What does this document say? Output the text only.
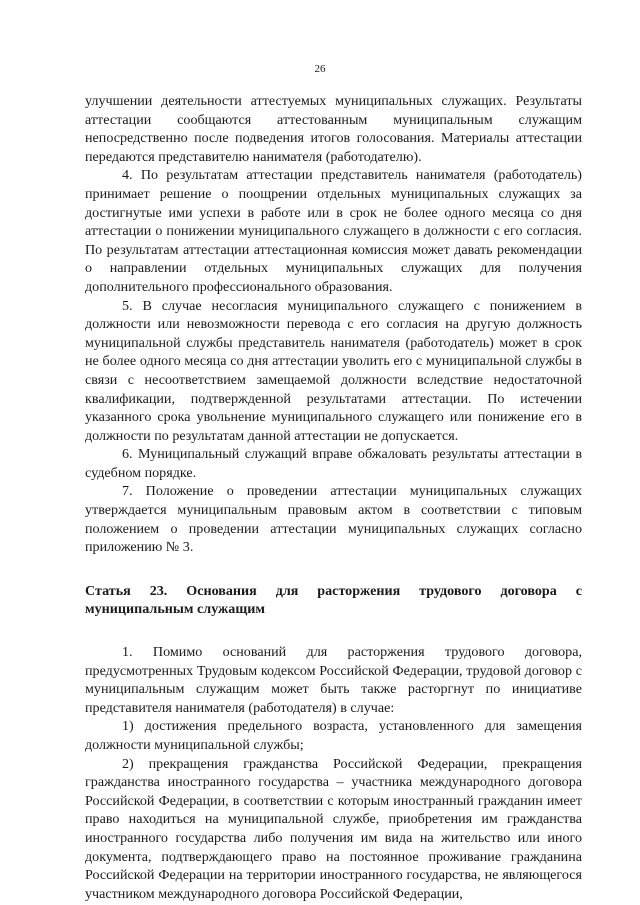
26

улучшении деятельности аттестуемых муниципальных служащих. Результаты аттестации сообщаются аттестованным муниципальным служащим непосредственно после подведения итогов голосования. Материалы аттестации передаются представителю нанимателя (работодателю).

4. По результатам аттестации представитель нанимателя (работодатель) принимает решение о поощрении отдельных муниципальных служащих за достигнутые ими успехи в работе или в срок не более одного месяца со дня аттестации о понижении муниципального служащего в должности с его согласия. По результатам аттестации аттестационная комиссия может давать рекомендации о направлении отдельных муниципальных служащих для получения дополнительного профессионального образования.

5. В случае несогласия муниципального служащего с понижением в должности или невозможности перевода с его согласия на другую должность муниципальной службы представитель нанимателя (работодатель) может в срок не более одного месяца со дня аттестации уволить его с муниципальной службы в связи с несоответствием замещаемой должности вследствие недостаточной квалификации, подтвержденной результатами аттестации. По истечении указанного срока увольнение муниципального служащего или понижение его в должности по результатам данной аттестации не допускается.

6. Муниципальный служащий вправе обжаловать результаты аттестации в судебном порядке.

7. Положение о проведении аттестации муниципальных служащих утверждается муниципальным правовым актом в соответствии с типовым положением о проведении аттестации муниципальных служащих согласно приложению № 3.

Статья 23. Основания для расторжения трудового договора с муниципальным служащим

1. Помимо оснований для расторжения трудового договора, предусмотренных Трудовым кодексом Российской Федерации, трудовой договор с муниципальным служащим может быть также расторгнут по инициативе представителя нанимателя (работодателя) в случае:

1) достижения предельного возраста, установленного для замещения должности муниципальной службы;

2) прекращения гражданства Российской Федерации, прекращения гражданства иностранного государства – участника международного договора Российской Федерации, в соответствии с которым иностранный гражданин имеет право находиться на муниципальной службе, приобретения им гражданства иностранного государства либо получения им вида на жительство или иного документа, подтверждающего право на постоянное проживание гражданина Российской Федерации на территории иностранного государства, не являющегося участником международного договора Российской Федерации,
